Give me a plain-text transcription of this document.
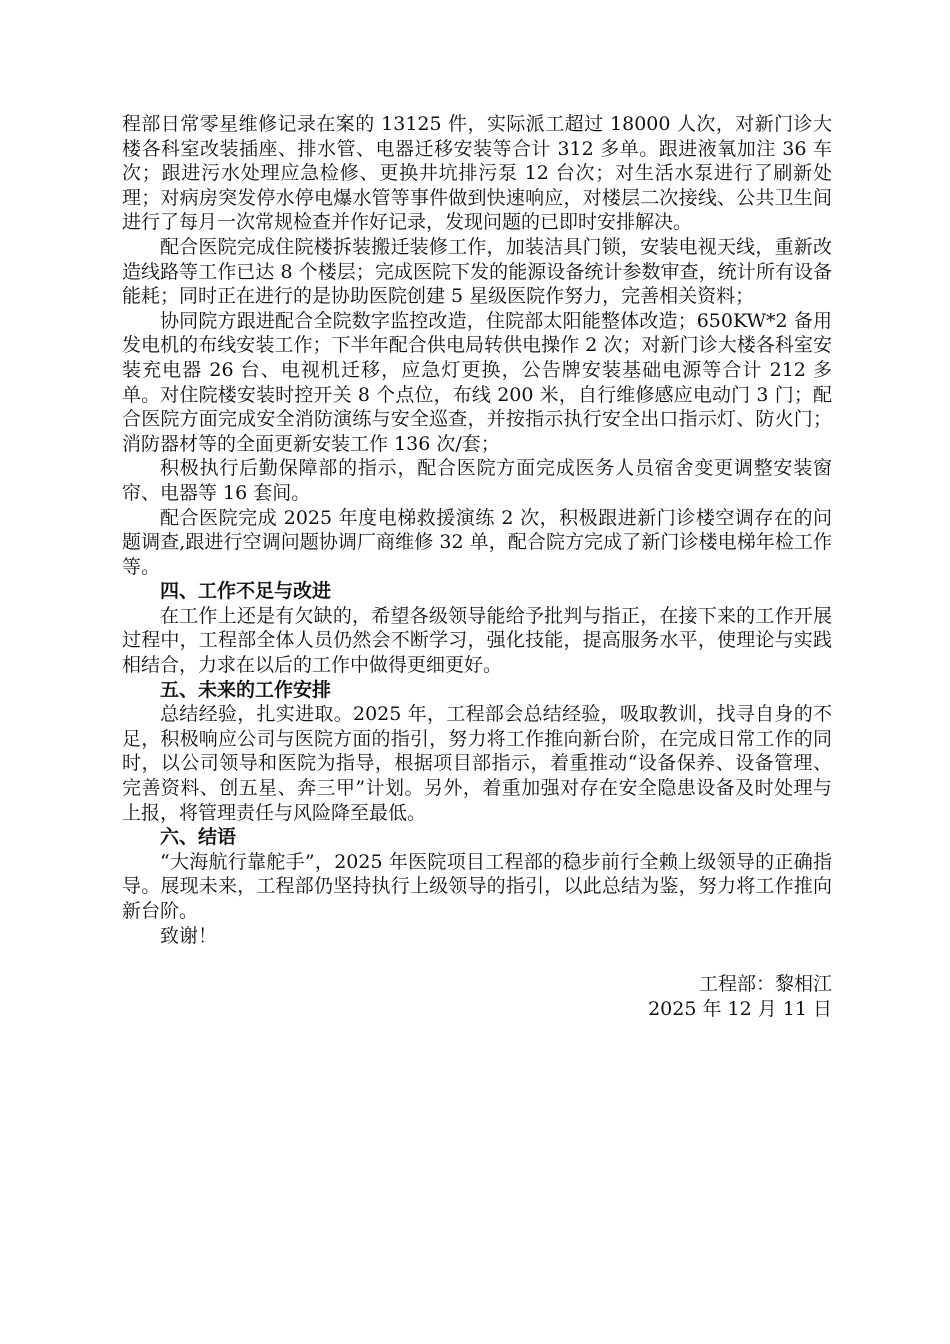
程部日常零星维修记录在案的 13125 件，实际派工超过 18000 人次，对新门诊大楼各科室改装插座、排水管、电器迁移安装等合计 312 多单。跟进液氧加注 36 车次；跟进污水处理应急检修、更换井坑排污泵 12 台次；对生活水泵进行了刷新处理；对病房突发停水停电爆水管等事件做到快速响应，对楼层二次接线、公共卫生间进行了每月一次常规检查并作好记录，发现问题的已即时安排解决。

配合医院完成住院楼拆装搬迁装修工作，加装洁具门锁，安装电视天线，重新改造线路等工作已达 8 个楼层；完成医院下发的能源设备统计参数审查，统计所有设备能耗；同时正在进行的是协助医院创建 5 星级医院作努力，完善相关资料；

协同院方跟进配合全院数字监控改造，住院部太阳能整体改造；650KW*2 备用发电机的布线安装工作；下半年配合供电局转供电操作 2 次；对新门诊大楼各科室安装充电器 26 台、电视机迁移，应急灯更换，公告牌安装基础电源等合计 212 多单。对住院楼安装时控开关 8 个点位，布线 200 米，自行维修感应电动门 3 门；配合医院方面完成安全消防演练与安全巡查，并按指示执行安全出口指示灯、防火门；消防器材等的全面更新安装工作 136 次/套；

积极执行后勤保障部的指示，配合医院方面完成医务人员宿舍变更调整安装窗帘、电器等 16 套间。

配合医院完成 2025 年度电梯救援演练 2 次，积极跟进新门诊楼空调存在的问题调查,跟进行空调问题协调厂商维修 32 单，配合院方完成了新门诊楼电梯年检工作等。

四、工作不足与改进

在工作上还是有欠缺的，希望各级领导能给予批判与指正，在接下来的工作开展过程中，工程部全体人员仍然会不断学习，强化技能，提高服务水平，使理论与实践相结合，力求在以后的工作中做得更细更好。

五、未来的工作安排

总结经验，扎实进取。2025 年，工程部会总结经验，吸取教训，找寻自身的不足，积极响应公司与医院方面的指引，努力将工作推向新台阶，在完成日常工作的同时，以公司领导和医院为指导，根据项目部指示，着重推动“设备保养、设备管理、完善资料、创五星、奔三甲”计划。另外，着重加强对存在安全隐患设备及时处理与上报，将管理责任与风险降至最低。

六、结语

“大海航行靠舵手”，2025 年医院项目工程部的稳步前行全赖上级领导的正确指导。展现未来，工程部仍坚持执行上级领导的指引，以此总结为鉴，努力将工作推向新台阶。

致谢！

工程部：黎相江
2025 年 12 月 11 日
